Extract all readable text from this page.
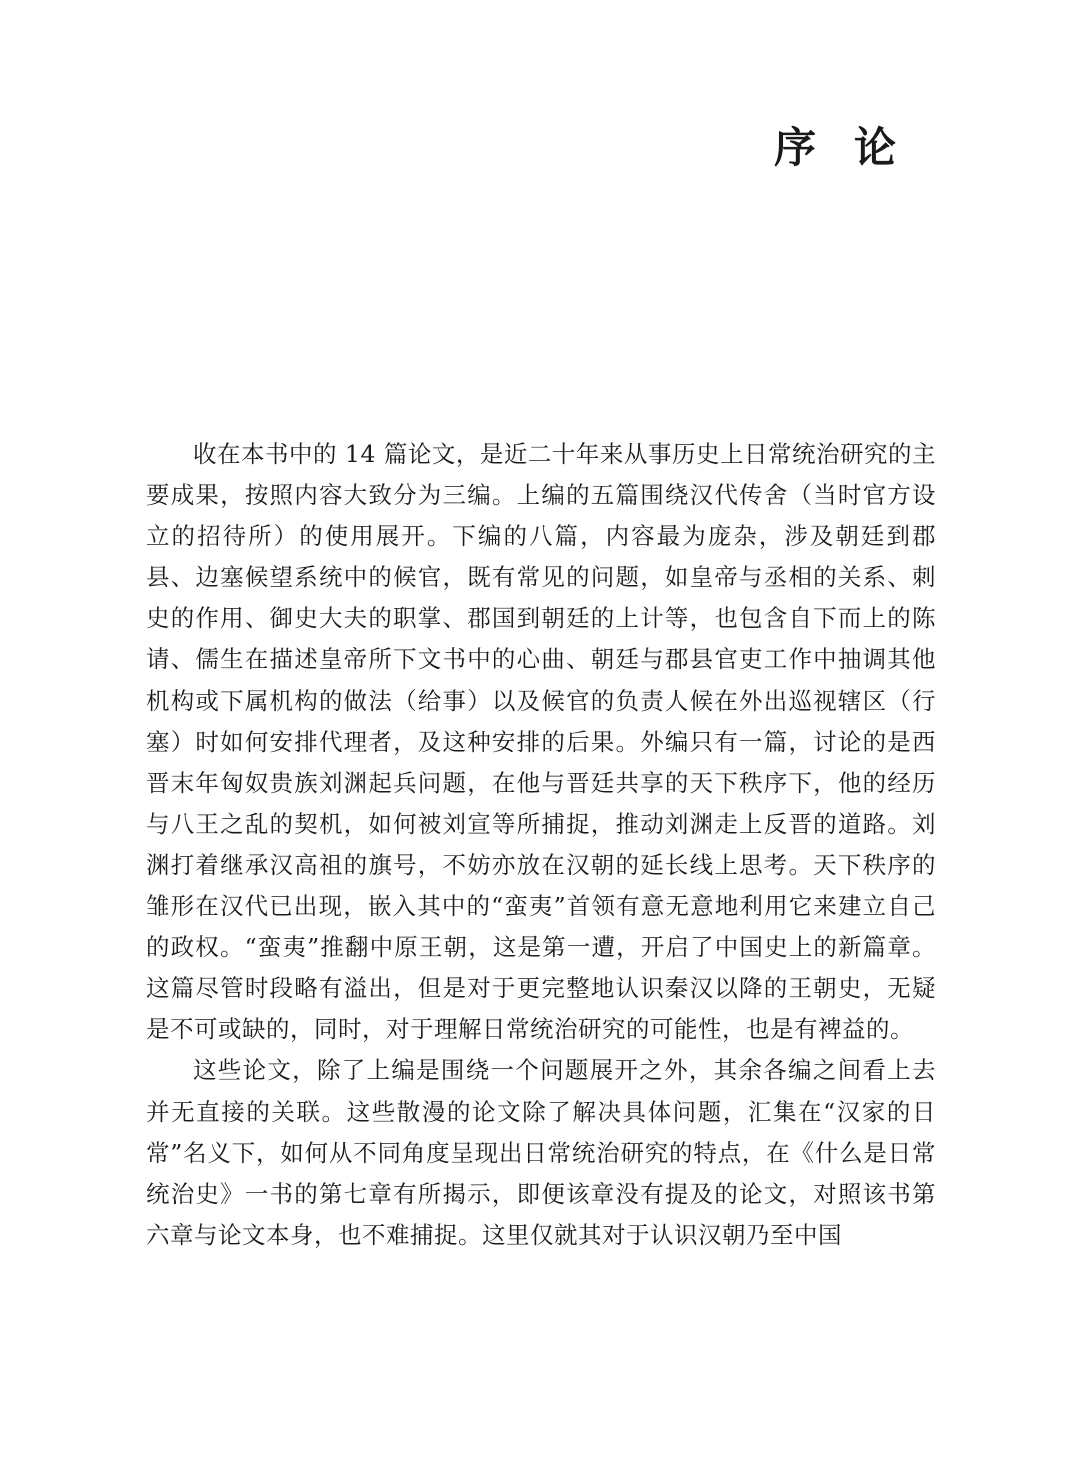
序论

收在本书中的 14 篇论文，是近二十年来从事历史上日常统治研究的主要成果，按照内容大致分为三编。上编的五篇围绕汉代传舍（当时官方设立的招待所）的使用展开。下编的八篇，内容最为庞杂，涉及朝廷到郡县、边塞候望系统中的候官，既有常见的问题，如皇帝与丞相的关系、刺史的作用、御史大夫的职掌、郡国到朝廷的上计等，也包含自下而上的陈请、儒生在描述皇帝所下文书中的心曲、朝廷与郡县官吏工作中抽调其他机构或下属机构的做法（给事）以及候官的负责人候在外出巡视辖区（行塞）时如何安排代理者，及这种安排的后果。外编只有一篇，讨论的是西晋末年匈奴贵族刘渊起兵问题，在他与晋廷共享的天下秩序下，他的经历与八王之乱的契机，如何被刘宣等所捕捉，推动刘渊走上反晋的道路。刘渊打着继承汉高祖的旗号，不妨亦放在汉朝的延长线上思考。天下秩序的雏形在汉代已出现，嵌入其中的“蛮夷”首领有意无意地利用它来建立自己的政权。“蛮夷”推翻中原王朝，这是第一遭，开启了中国史上的新篇章。这篇尽管时段略有溢出，但是对于更完整地认识秦汉以降的王朝史，无疑是不可或缺的，同时，对于理解日常统治研究的可能性，也是有裨益的。

这些论文，除了上编是围绕一个问题展开之外，其余各编之间看上去并无直接的关联。这些散漫的论文除了解决具体问题，汇集在“汉家的日常”名义下，如何从不同角度呈现出日常统治研究的特点，在《什么是日常统治史》一书的第七章有所揭示，即便该章没有提及的论文，对照该书第六章与论文本身，也不难捕捉。这里仅就其对于认识汉朝乃至中国
